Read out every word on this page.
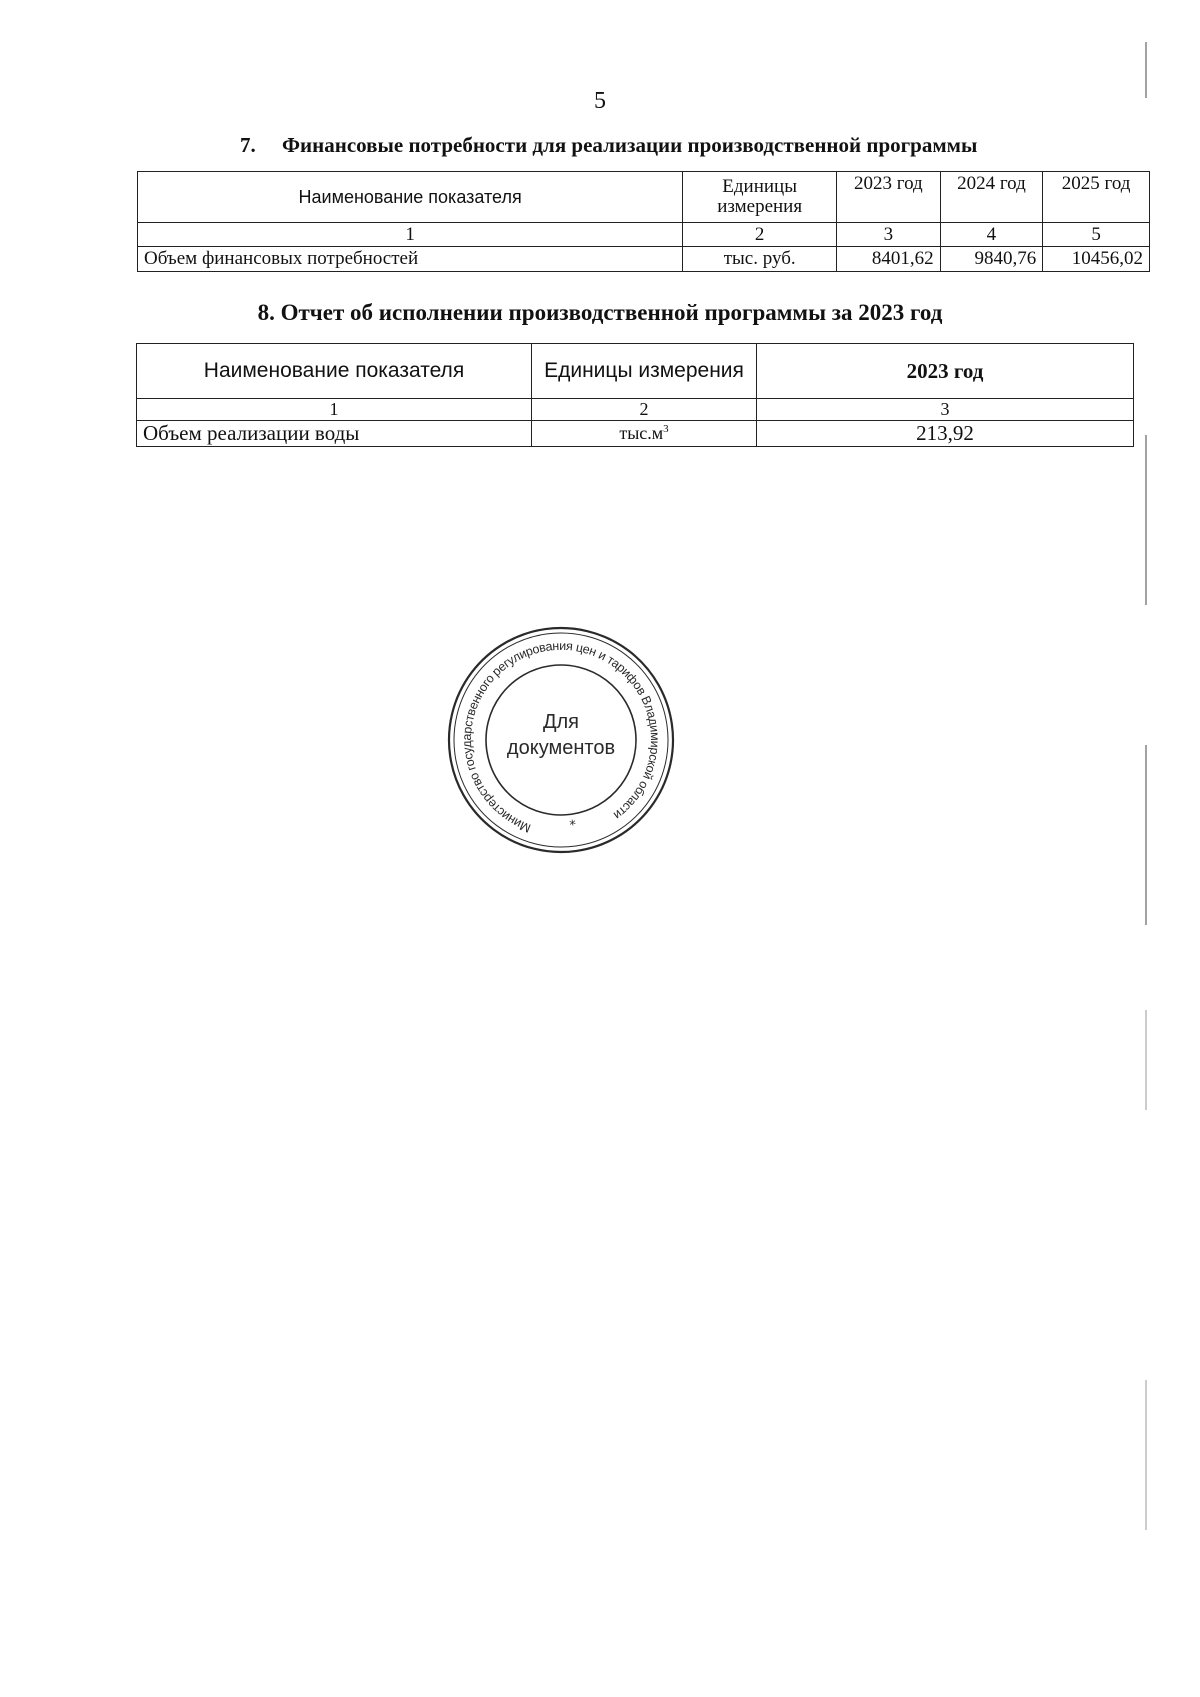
5
7. Финансовые потребности для реализации производственной программы
Наименование показателя	Единицы измерения	2023 год	2024 год	2025 год
1	2	3	4	5
Объем финансовых потребностей	тыс. руб.	8401,62	9840,76	10456,02
8. Отчет об исполнении производственной программы за 2023 год
Наименование показателя	Единицы измерения	2023 год
1	2	3
Объем реализации воды	$тыс.м^3$	213,92
Министерство государственного регулирования цен и тарифов Владимирской области
*
Для
документов
